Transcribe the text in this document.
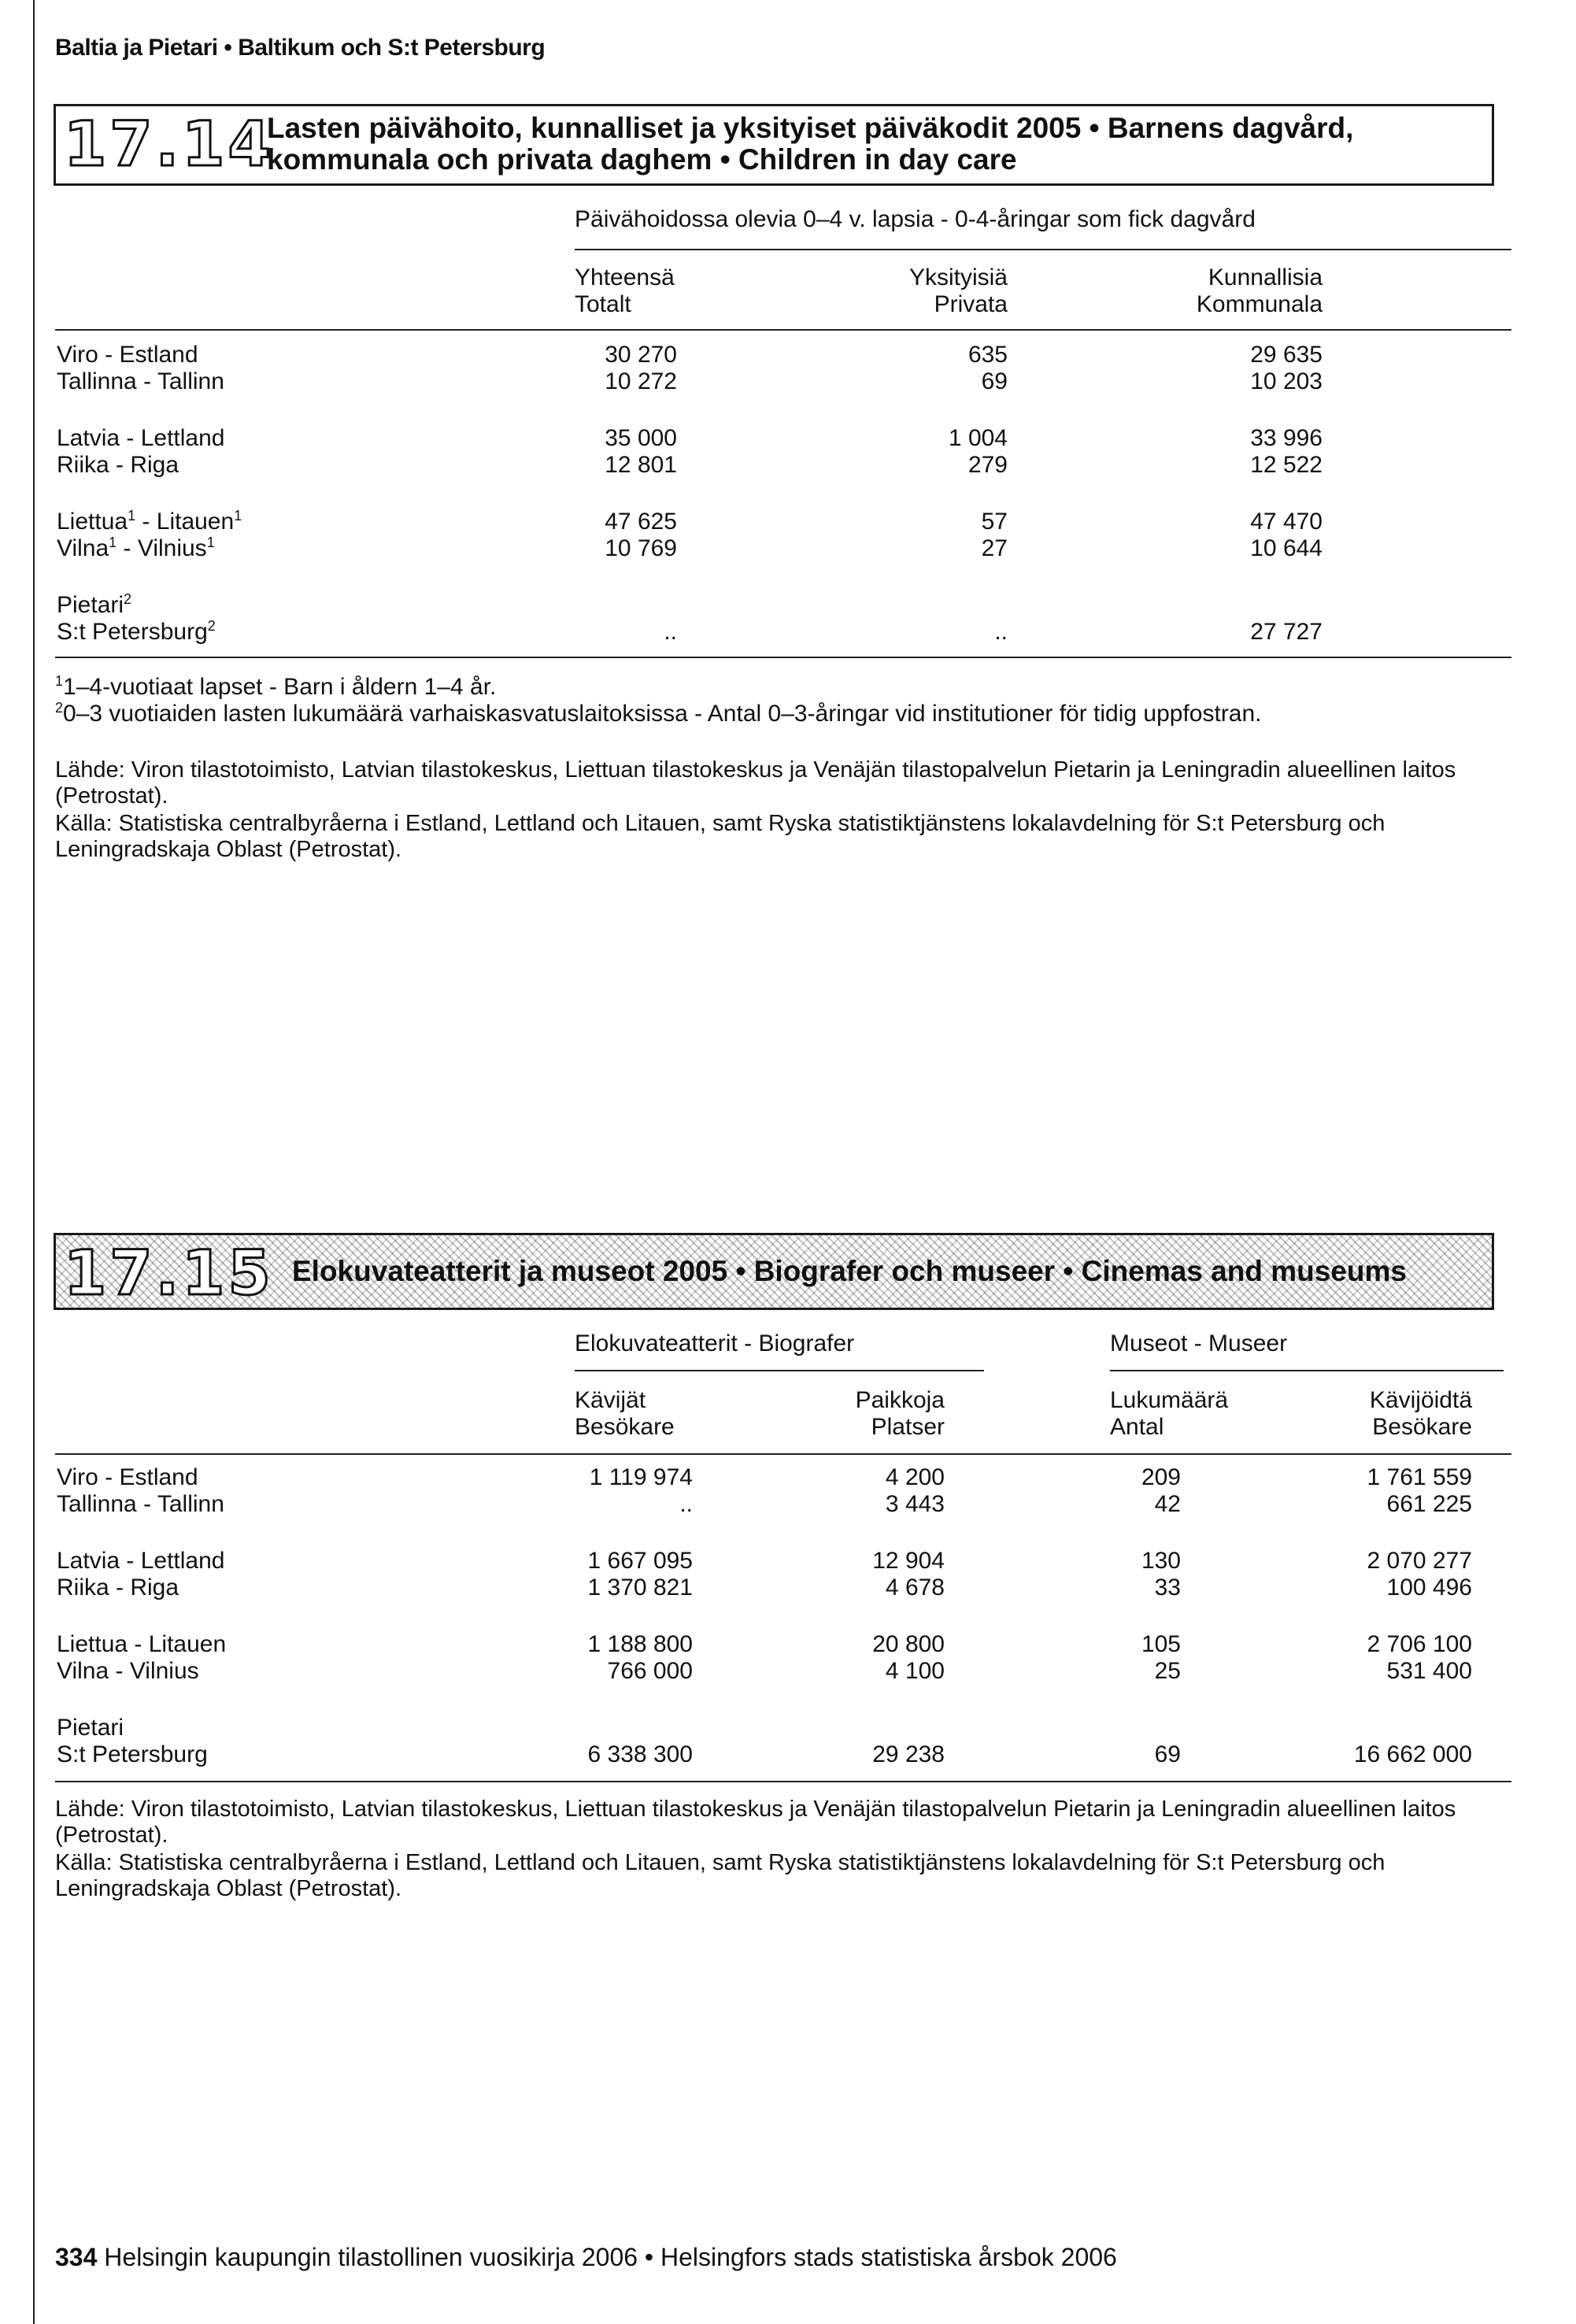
Baltia ja Pietari • Baltikum och S:t Petersburg
17.14
Lasten päivähoito, kunnalliset ja yksityiset päiväkodit 2005 • Barnens dagvård,
kommunala och privata daghem • Children in day care
Päivähoidossa olevia 0–4 v. lapsia - 0-4-åringar som fick dagvård
Yhteensä
Totalt
Yksityisiä
Privata
Kunnallisia
Kommunala
Viro - Estland	30 270	635	29 635
Tallinna - Tallinn	10 272	69	10 203
Latvia - Lettland	35 000	1 004	33 996
Riika - Riga	12 801	279	12 522
Liettua$^1$ - Litauen$^1$	47 625	57	47 470
Vilna$^1$ - Vilnius$^1$	10 769	27	10 644
Pietari$^2$
S:t Petersburg$^2$	..	..	27 727
$^1$1–4-vuotiaat lapset - Barn i åldern 1–4 år.
$^2$0–3 vuotiaiden lasten lukumäärä varhaiskasvatuslaitoksissa - Antal 0–3-åringar vid institutioner för tidig uppfostran.
Lähde: Viron tilastotoimisto, Latvian tilastokeskus, Liettuan tilastokeskus ja Venäjän tilastopalvelun Pietarin ja Leningradin alueellinen laitos (Petrostat).
Källa: Statistiska centralbyråerna i Estland, Lettland och Litauen, samt Ryska statistiktjänstens lokalavdelning för S:t Petersburg och Leningradskaja Oblast (Petrostat).
17.15 Elokuvateatterit ja museot 2005 • Biografer och museer • Cinemas and museums
Elokuvateatterit - Biografer	Museot - Museer
Kävijät
Besökare
Paikkoja
Platser
Lukumäärä
Antal
Kävijöidtä
Besökare
Viro - Estland	1 119 974	4 200	209	1 761 559
Tallinna - Tallinn	..	3 443	42	661 225
Latvia - Lettland	1 667 095	12 904	130	2 070 277
Riika - Riga	1 370 821	4 678	33	100 496
Liettua - Litauen	1 188 800	20 800	105	2 706 100
Vilna - Vilnius	766 000	4 100	25	531 400
Pietari
S:t Petersburg	6 338 300	29 238	69	16 662 000
Lähde: Viron tilastotoimisto, Latvian tilastokeskus, Liettuan tilastokeskus ja Venäjän tilastopalvelun Pietarin ja Leningradin alueellinen laitos (Petrostat).
Källa: Statistiska centralbyråerna i Estland, Lettland och Litauen, samt Ryska statistiktjänstens lokalavdelning för S:t Petersburg och Leningradskaja Oblast (Petrostat).
334 Helsingin kaupungin tilastollinen vuosikirja 2006 • Helsingfors stads statistiska årsbok 2006
